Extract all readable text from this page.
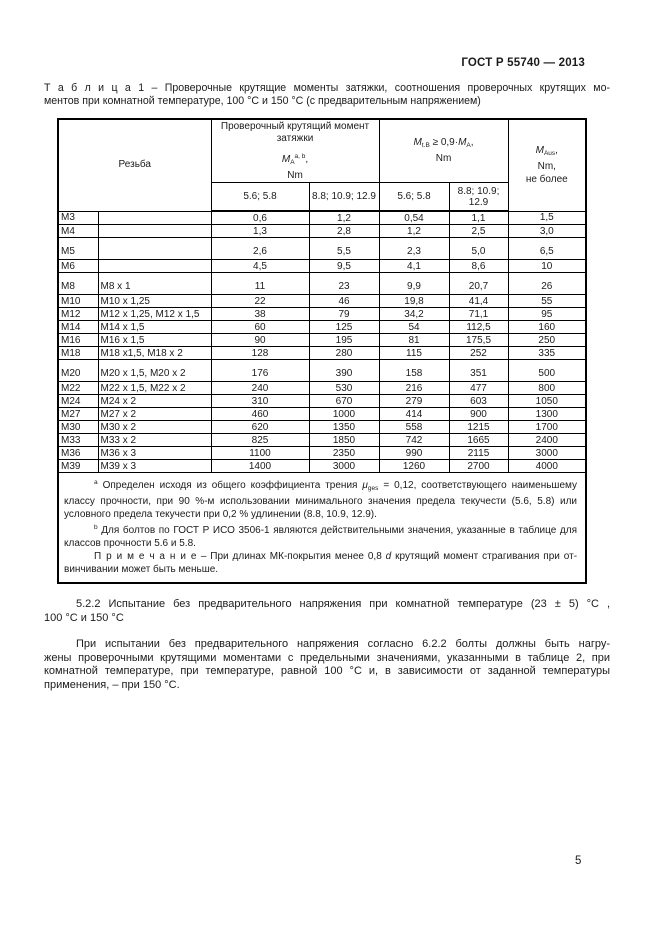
ГОСТ Р 55740 — 2013
Т а б л и ц а 1 – Проверочные крутящие моменты затяжки, соотношения проверочных крутящих мо-
ментов при комнатной температуре, 100 °С и 150 °С (с предварительным напряжением)
Резьба	
Проверочный крутящий момент затяжки
$M_A^{a, b}$,
Nm

$M_{t.B} \ge 0,9\cdot M_A$,
Nm

$M_{Aus}$,
Nm,
не более

		5.6; 5.8	8.8; 10.9; 12.9	5.6; 5.8	8.8; 10.9; 12.9	
M3		0,6	1,2	0,54	1,1	1,5
M4		1,3	2,8	1,2	2,5	3,0
M5		2,6	5,5	2,3	5,0	6,5
M6		4,5	9,5	4,1	8,6	10
M8	M8 x 1	11	23	9,9	20,7	26
M10	M10 x 1,25	22	46	19,8	41,4	55
M12	M12 x 1,25, M12 x 1,5	38	79	34,2	71,1	95
M14	M14 x 1,5	60	125	54	112,5	160
M16	M16 x 1,5	90	195	81	175,5	250
M18	M18 x1,5, M18 x 2	128	280	115	252	335
M20	M20 x 1,5, M20 x 2	176	390	158	351	500
M22	M22 x 1,5, M22 x 2	240	530	216	477	800
M24	M24 x 2	310	670	279	603	1050
M27	M27 x 2	460	1000	414	900	1300
M30	M30 x 2	620	1350	558	1215	1700
M33	M33 x 2	825	1850	742	1665	2400
M36	M36 x 3	1100	2350	990	2115	3000
M39	M39 x 3	1400	3000	1260	2700	4000

$^a$ Определен исходя из общего коэффициента трения $\mu_{ges} = 0,12$, соответствующего наименьшему классу прочности, при 90 %-м использовании минимального значения предела текучести (5.6, 5.8) или условного предела текучести при 0,2 % удлинении (8.8, 10.9, 12.9).
$^b$ Для болтов по ГОСТ Р ИСО 3506-1 являются действительными значения, указанные в таблице для классов прочности 5.6 и 5.8.
П р и м е ч а н и е – При длинах МК-покрытия менее 0,8 d крутящий момент страгивания при отвинчивании может быть меньше.						
5.2.2 Испытание без предварительного напряжения при комнатной температуре (23 ± 5) °С ,
100 °С и 150 °С
При испытании без предварительного напряжения согласно 6.2.2 болты должны быть нагру-
жены проверочными крутящими моментами с предельными значениями, указанными в таблице 2, при
комнатной температуре, при температуре, равной 100 °С и, в зависимости от заданной температуры
применения, – при 150 °С.
5
